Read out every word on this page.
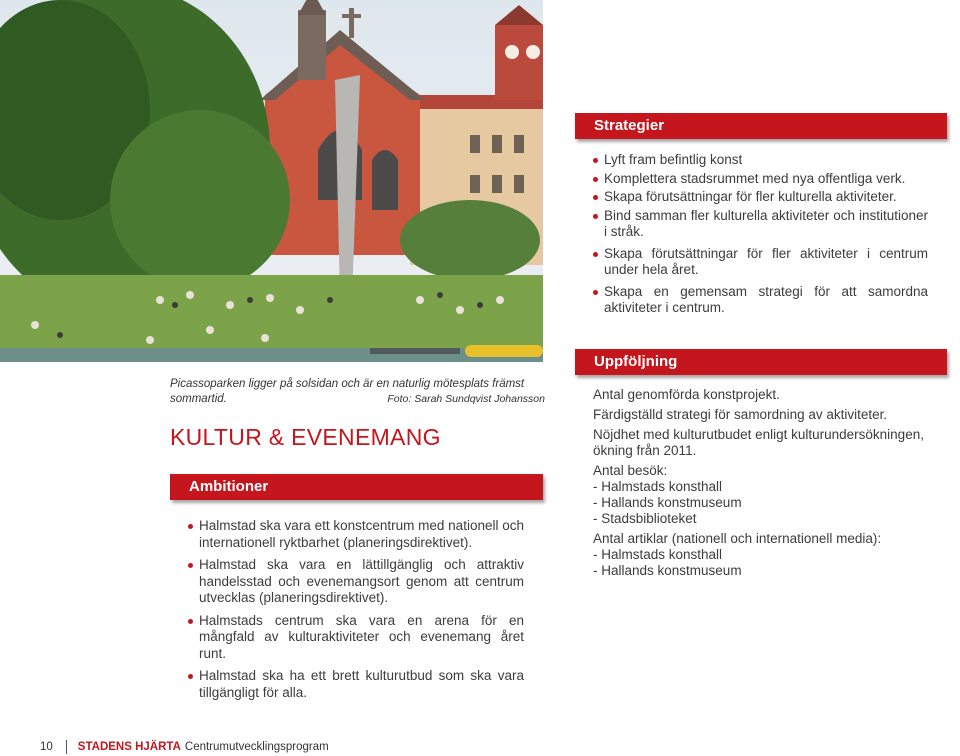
Picassoparken ligger på solsidan och är en naturlig mötesplats främst sommartid.	Foto: Sarah Sundqvist Johansson
KULTUR & EVENEMANG
Ambitioner
Halmstad ska vara ett konstcentrum med nationell och internationell ryktbarhet (planeringsdirektivet).
Halmstad ska vara en lättillgänglig och attraktiv handelsstad och evenemangsort genom att centrum utvecklas (planeringsdirektivet).
Halmstads centrum ska vara en arena för en mångfald av kulturaktiviteter och evenemang året runt.
Halmstad ska ha ett brett kulturutbud som ska vara tillgängligt för alla.
Strategier
Lyft fram befintlig konst
Komplettera stadsrummet med nya offentliga verk.
Skapa förutsättningar för fler kulturella aktiviteter.
Bind samman fler kulturella aktiviteter och institutioner i stråk.
Skapa förutsättningar för fler aktiviteter i centrum under hela året.
Skapa en gemensam strategi för att samordna aktiviteter i centrum.
Uppföljning

Antal genomförda konstprojekt.

Färdigställd strategi för samordning av aktiviteter.

Nöjdhet med kulturutbudet enligt kulturundersökningen, ökning från 2011.

Antal besök:
- Halmstads konsthall
- Hallands konstmuseum
- Stadsbiblioteket

Antal artiklar (nationell och internationell media):
- Halmstads konsthall
- Hallands konstmuseum

10 STADENS HJÄRTA Centrumutvecklingsprogram
